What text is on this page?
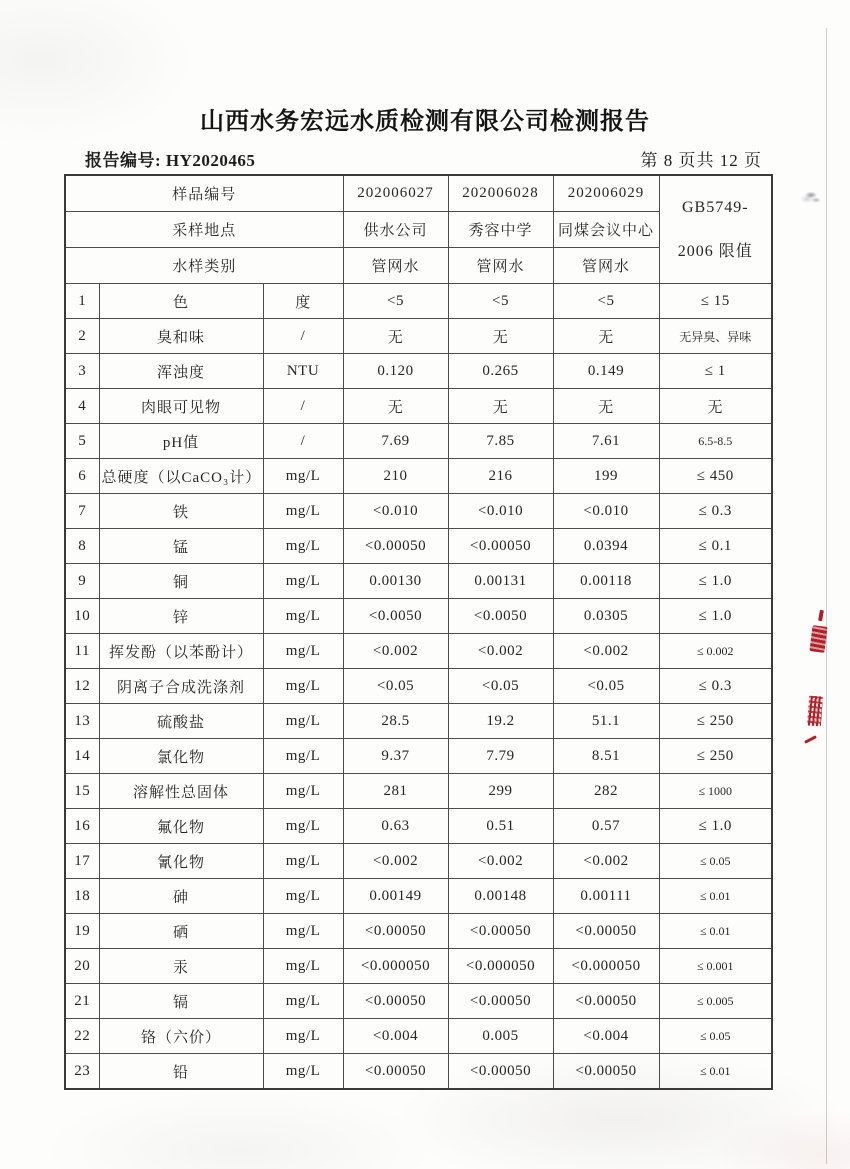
山西水务宏远水质检测有限公司检测报告
报告编号: HY2020465	第 8 页共 12 页
样品编号			202006027	202006028	202006029	GB5749-
2006 限值
采样地点			供水公司	秀容中学	同煤会议中心	
水样类别			管网水	管网水	管网水	
1	色	度	<5	<5	<5	≤ 15
2	臭和味	/	无	无	无	无异臭、异味
3	浑浊度	NTU	0.120	0.265	0.149	≤ 1
4	肉眼可见物	/	无	无	无	无
5	pH值	/	7.69	7.85	7.61	6.5-8.5
6	总硬度（以CaCO₃计）	mg/L	210	216	199	≤ 450
7	铁	mg/L	<0.010	<0.010	<0.010	≤ 0.3
8	锰	mg/L	<0.00050	<0.00050	0.0394	≤ 0.1
9	铜	mg/L	0.00130	0.00131	0.00118	≤ 1.0
10	锌	mg/L	<0.0050	<0.0050	0.0305	≤ 1.0
11	挥发酚（以苯酚计）	mg/L	<0.002	<0.002	<0.002	≤ 0.002
12	阴离子合成洗涤剂	mg/L	<0.05	<0.05	<0.05	≤ 0.3
13	硫酸盐	mg/L	28.5	19.2	51.1	≤ 250
14	氯化物	mg/L	9.37	7.79	8.51	≤ 250
15	溶解性总固体	mg/L	281	299	282	≤ 1000
16	氟化物	mg/L	0.63	0.51	0.57	≤ 1.0
17	氰化物	mg/L	<0.002	<0.002	<0.002	≤ 0.05
18	砷	mg/L	0.00149	0.00148	0.00111	≤ 0.01
19	硒	mg/L	<0.00050	<0.00050	<0.00050	≤ 0.01
20	汞	mg/L	<0.000050	<0.000050	<0.000050	≤ 0.001
21	镉	mg/L	<0.00050	<0.00050	<0.00050	≤ 0.005
22	铬（六价）	mg/L	<0.004	0.005	<0.004	≤ 0.05
23	铅	mg/L	<0.00050	<0.00050	<0.00050	≤ 0.01
